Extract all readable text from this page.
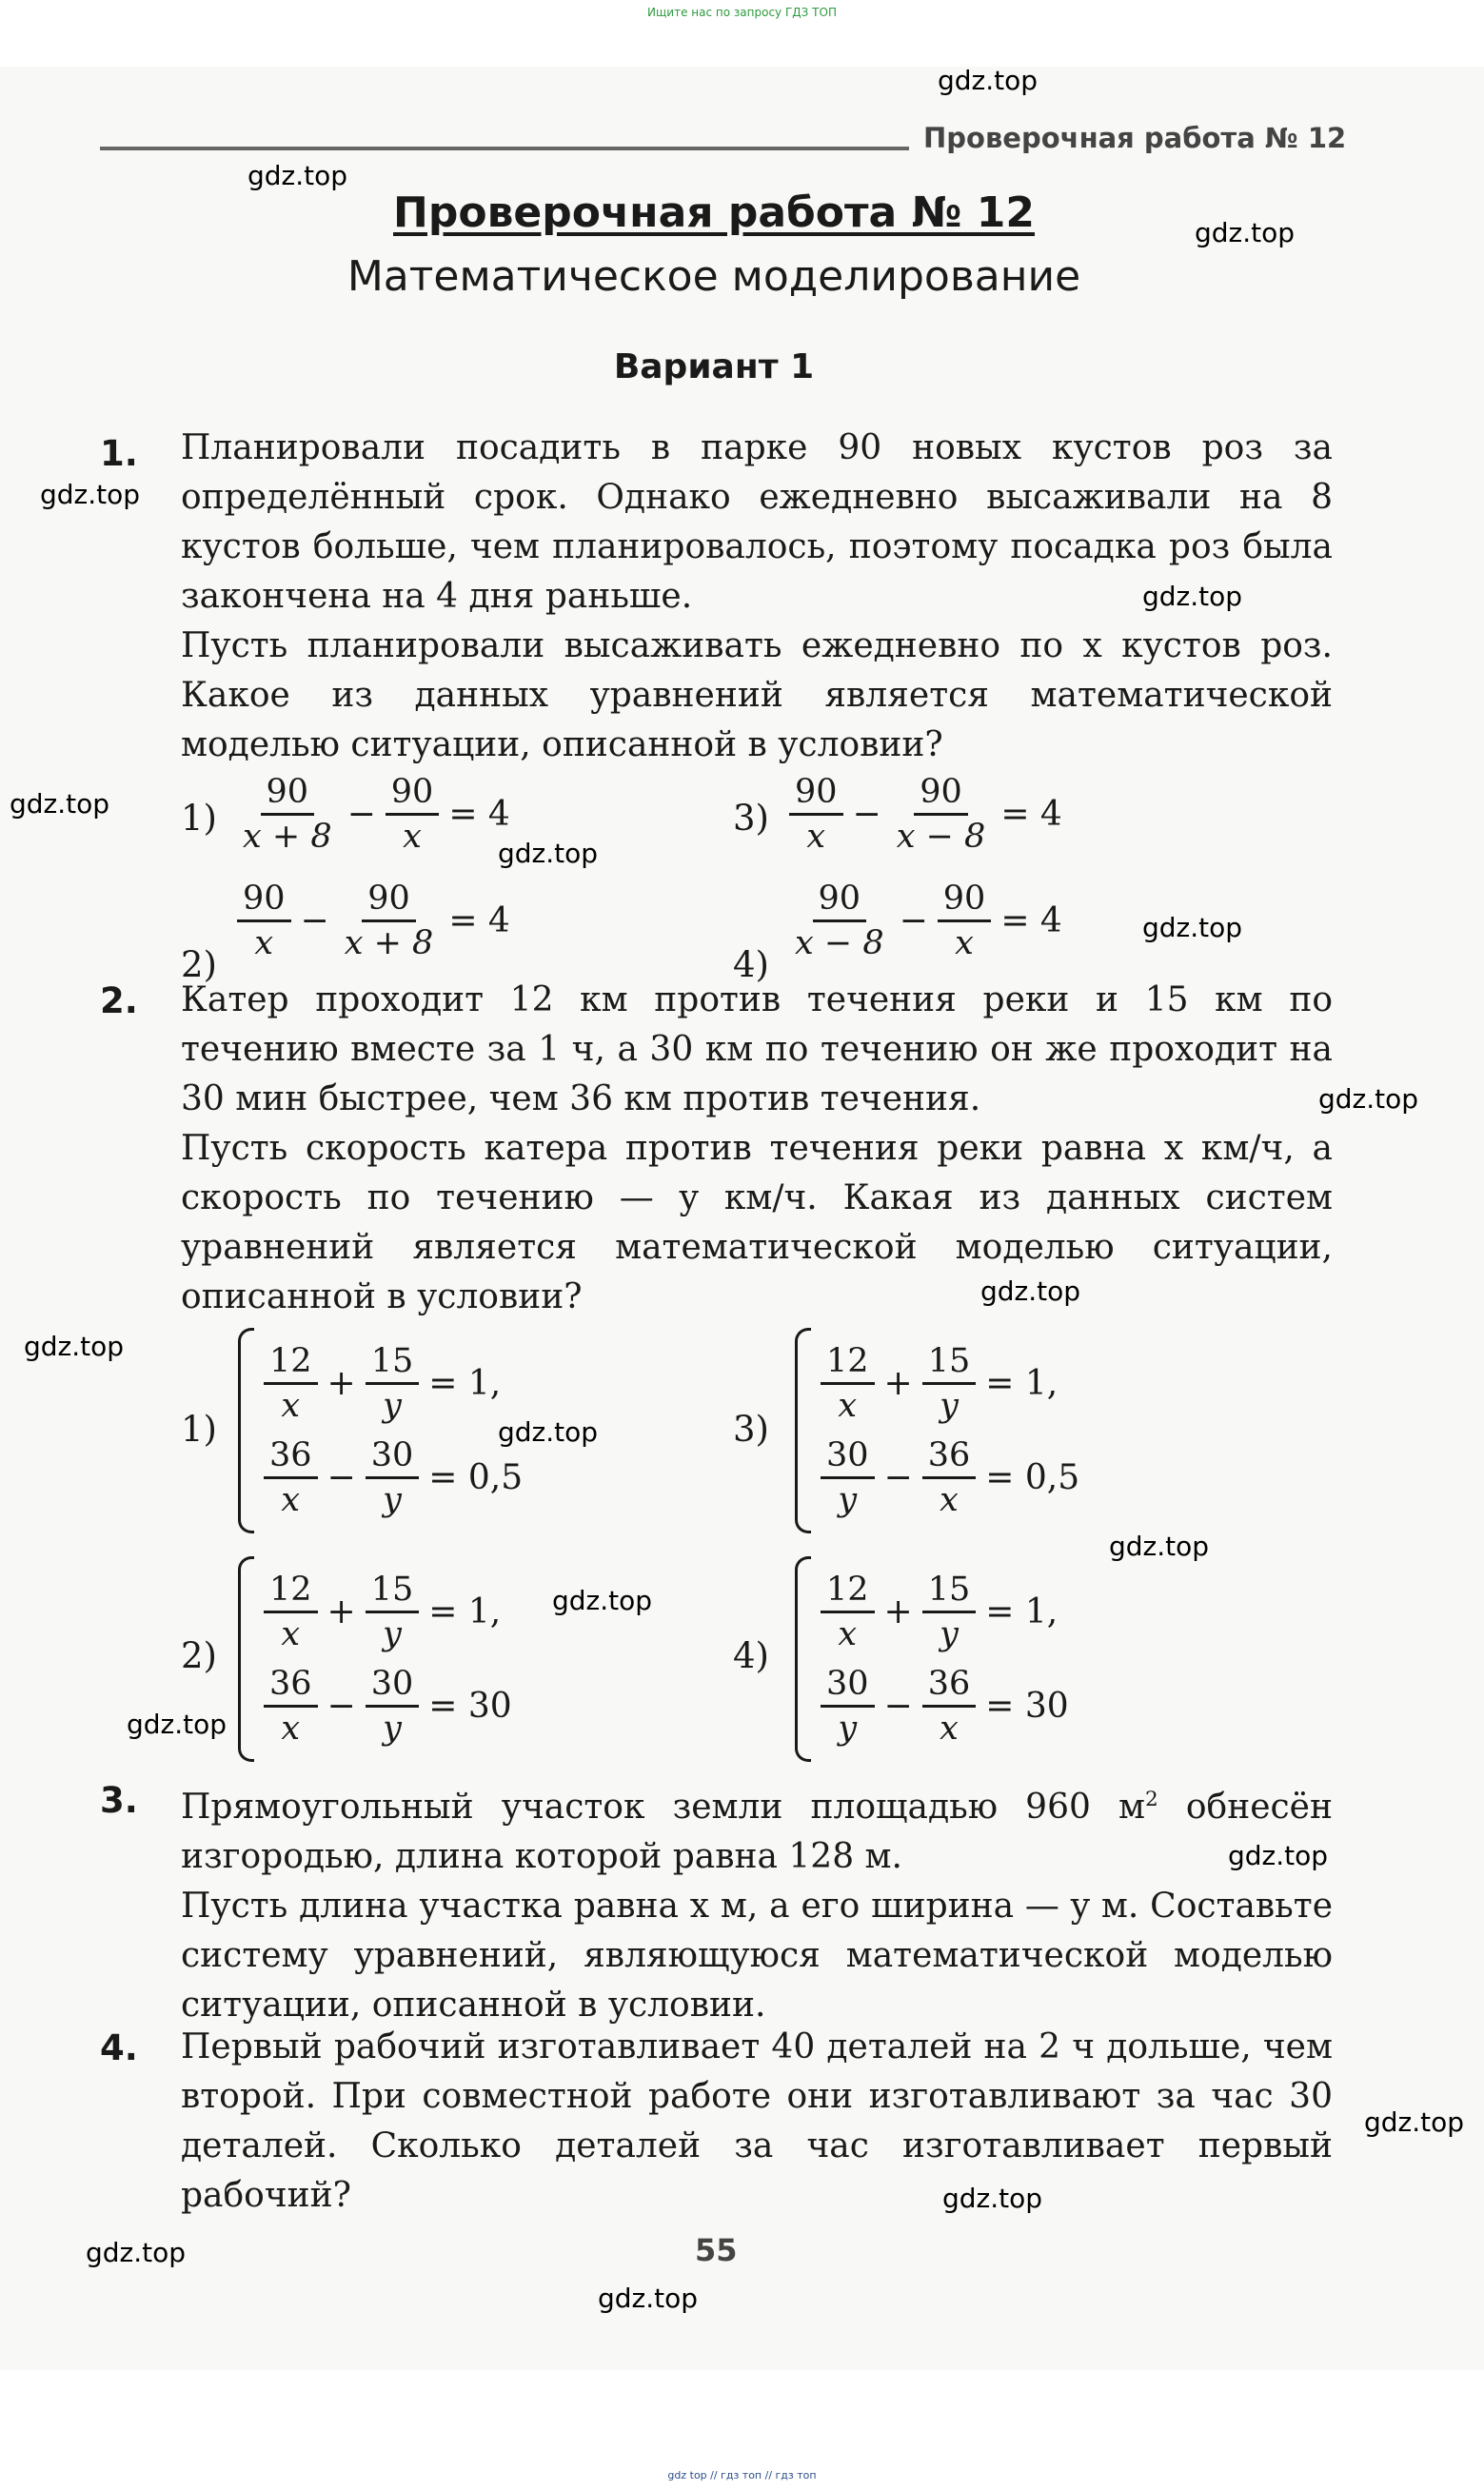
Ищите нас по запросу ГДЗ ТОП
Проверочная работа № 12
Проверочная работа № 12
Математическое моделирование
Вариант 1
1. Планировали посадить в парке 90 новых кустов роз за определённый срок. Однако ежедневно высаживали на 8 кустов больше, чем планировалось, поэтому посадка роз была закончена на 4 дня раньше.

Пусть планировали высаживать ежедневно по x кустов роз. Какое из данных уравнений является математической моделью ситуации, описанной в условии?

$1) \frac{90}{x + 8} - \frac{90}{x} = 4$	$3) \frac{90}{x} - \frac{90}{x - 8} = 4$
2)
$\frac{90}{x} - \frac{90}{x + 8} = 4$
4)
$\frac{90}{x - 8} - \frac{90}{x} = 4$
2. Катер проходит 12 км против течения реки и 15 км по течению вместе за 1 ч, а 30 км по течению он же проходит на 30 мин быстрее, чем 36 км против течения.

Пусть скорость катера против течения реки равна x км/ч, а скорость по течению — y км/ч. Какая из данных систем уравнений является математической моделью ситуации, описанной в условии?

1)
$\frac{12}{x} + \frac{15}{y} = 1$,
$\frac{36}{x} - \frac{30}{y} = 0,5$
3)
$\frac{12}{x} + \frac{15}{y} = 1$,
$\frac{30}{y} - \frac{36}{x} = 0,5$
2)
$\frac{12}{x} + \frac{15}{y} = 1$,
$\frac{36}{x} - \frac{30}{y} = 30$
4)
$\frac{12}{x} + \frac{15}{y} = 1$,
$\frac{30}{y} - \frac{36}{x} = 30$
3. Прямоугольный участок земли площадью 960 $м^2$ обнесён изгородью, длина которой равна 128 м.

Пусть длина участка равна x м, а его ширина — y м. Составьте систему уравнений, являющуюся математической моделью ситуации, описанной в условии.

4. Первый рабочий изготавливает 40 деталей на 2 ч дольше, чем второй. При совместной работе они изготавливают за час 30 деталей. Сколько деталей за час изготавливает первый рабочий?

55
gdz.top
gdz.top
gdz.top
gdz.top
gdz.top
gdz.top
gdz.top
gdz.top
gdz.top
gdz.top
gdz.top
gdz.top
gdz.top
gdz.top
gdz.top
gdz.top
gdz.top
gdz.top
gdz.top
gdz.top
gdz top // гдз топ // гдз топ
